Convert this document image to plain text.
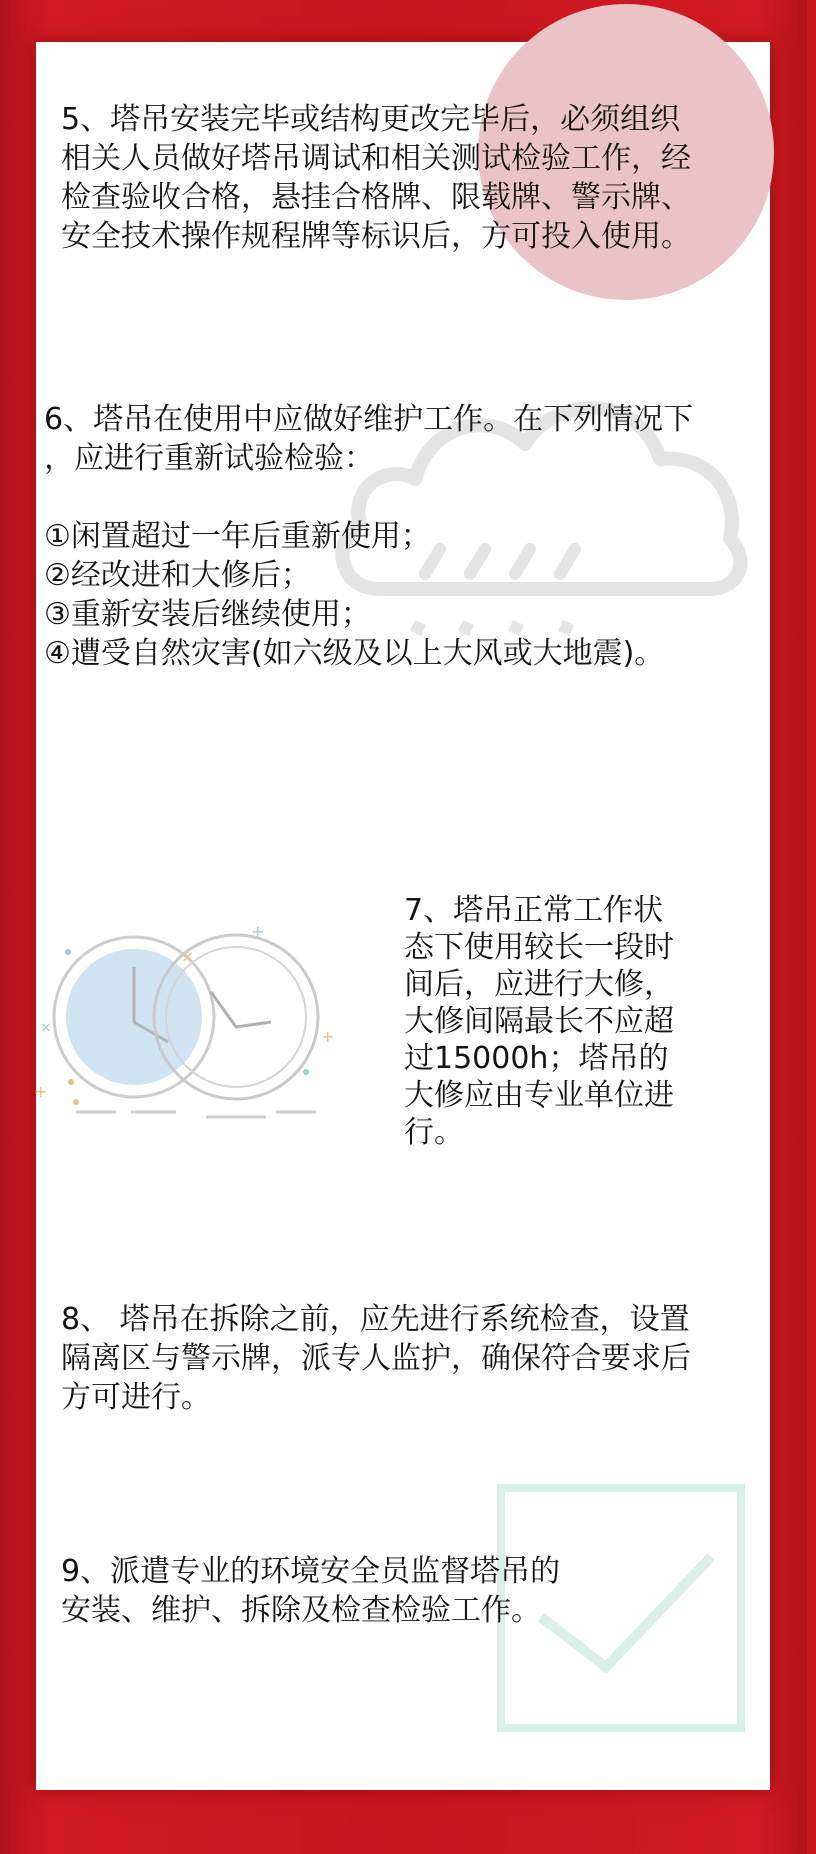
×
+
+
+
×
5、塔吊安装完毕或结构更改完毕后，必须组织
相关人员做好塔吊调试和相关测试检验工作，经
检查验收合格，悬挂合格牌、限载牌、警示牌、
安全技术操作规程牌等标识后，方可投入使用。
6、塔吊在使用中应做好维护工作。在下列情况下
，应进行重新试验检验：
①闲置超过一年后重新使用；
②经改进和大修后；
③重新安装后继续使用；
④遭受自然灾害(如六级及以上大风或大地震)。
7、塔吊正常工作状
态下使用较长一段时
间后，应进行大修，
大修间隔最长不应超
过15000h；塔吊的
大修应由专业单位进
行。
8、 塔吊在拆除之前，应先进行系统检查，设置
隔离区与警示牌，派专人监护，确保符合要求后
方可进行。
9、派遣专业的环境安全员监督塔吊的
安装、维护、拆除及检查检验工作。
